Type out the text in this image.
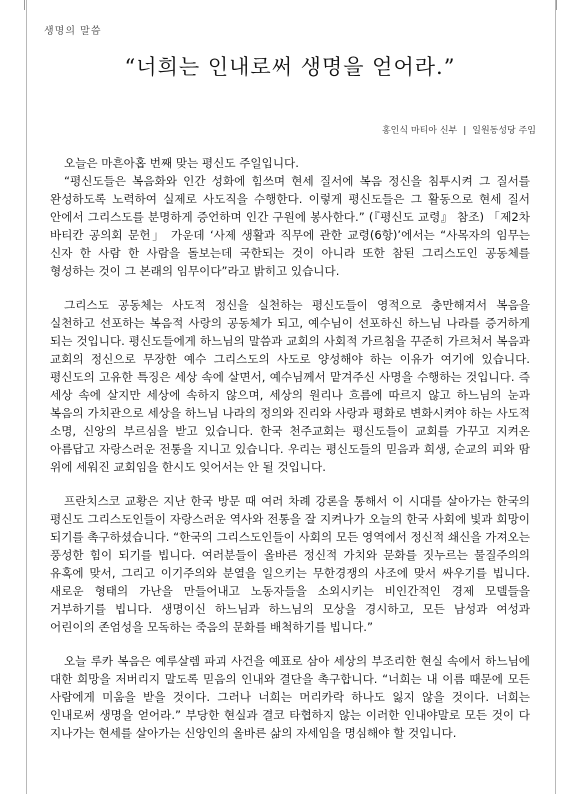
생명의 말씀
“너희는 인내로써 생명을 얻어라.”
홍인식 마티아 신부 | 일원동성당 주임

오늘은 마흔아홉 번째 맞는 평신도 주일입니다.

“평신도들은 복음화와 인간 성화에 힘쓰며 현세 질서에 복음 정신을 침투시켜 그 질서를 완성하도록 노력하여 실제로 사도직을 수행한다. 이렇게 평신도들은 그 활동으로 현세 질서 안에서 그리스도를 분명하게 증언하며 인간 구원에 봉사한다.” (『평신도 교령』 참조) 「제2차 바티칸 공의회 문헌」 가운데 ‘사제 생활과 직무에 관한 교령(6항)’에서는 “사목자의 임무는 신자 한 사람 한 사람을 돌보는데 국한되는 것이 아니라 또한 참된 그리스도인 공동체를 형성하는 것이 그 본래의 임무이다”라고 밝히고 있습니다.

그리스도 공동체는 사도적 정신을 실천하는 평신도들이 영적으로 충만해져서 복음을 실천하고 선포하는 복음적 사랑의 공동체가 되고, 예수님이 선포하신 하느님 나라를 증거하게 되는 것입니다. 평신도들에게 하느님의 말씀과 교회의 사회적 가르침을 꾸준히 가르쳐서 복음과 교회의 정신으로 무장한 예수 그리스도의 사도로 양성해야 하는 이유가 여기에 있습니다. 평신도의 고유한 특징은 세상 속에 살면서, 예수님께서 맡겨주신 사명을 수행하는 것입니다. 즉 세상 속에 살지만 세상에 속하지 않으며, 세상의 원리나 흐름에 따르지 않고 하느님의 눈과 복음의 가치관으로 세상을 하느님 나라의 정의와 진리와 사랑과 평화로 변화시켜야 하는 사도적 소명, 신앙의 부르심을 받고 있습니다. 한국 천주교회는 평신도들이 교회를 가꾸고 지켜온 아름답고 자랑스러운 전통을 지니고 있습니다. 우리는 평신도들의 믿음과 희생, 순교의 피와 땀 위에 세워진 교회임을 한시도 잊어서는 안 될 것입니다.

프란치스코 교황은 지난 한국 방문 때 여러 차례 강론을 통해서 이 시대를 살아가는 한국의 평신도 그리스도인들이 자랑스러운 역사와 전통을 잘 지켜나가 오늘의 한국 사회에 빛과 희망이 되기를 촉구하셨습니다. “한국의 그리스도인들이 사회의 모든 영역에서 정신적 쇄신을 가져오는 풍성한 힘이 되기를 빕니다. 여러분들이 올바른 정신적 가치와 문화를 짓누르는 물질주의의 유혹에 맞서, 그리고 이기주의와 분열을 일으키는 무한경쟁의 사조에 맞서 싸우기를 빕니다. 새로운 형태의 가난을 만들어내고 노동자들을 소외시키는 비인간적인 경제 모델들을 거부하기를 빕니다. 생명이신 하느님과 하느님의 모상을 경시하고, 모든 남성과 여성과 어린이의 존엄성을 모독하는 죽음의 문화를 배척하기를 빕니다.”

오늘 루카 복음은 예루살렘 파괴 사건을 예표로 삼아 세상의 부조리한 현실 속에서 하느님에 대한 희망을 저버리지 말도록 믿음의 인내와 결단을 촉구합니다. “너희는 내 이름 때문에 모든 사람에게 미움을 받을 것이다. 그러나 너희는 머리카락 하나도 잃지 않을 것이다. 너희는 인내로써 생명을 얻어라.” 부당한 현실과 결코 타협하지 않는 이러한 인내야말로 모든 것이 다 지나가는 현세를 살아가는 신앙인의 올바른 삶의 자세임을 명심해야 할 것입니다.
